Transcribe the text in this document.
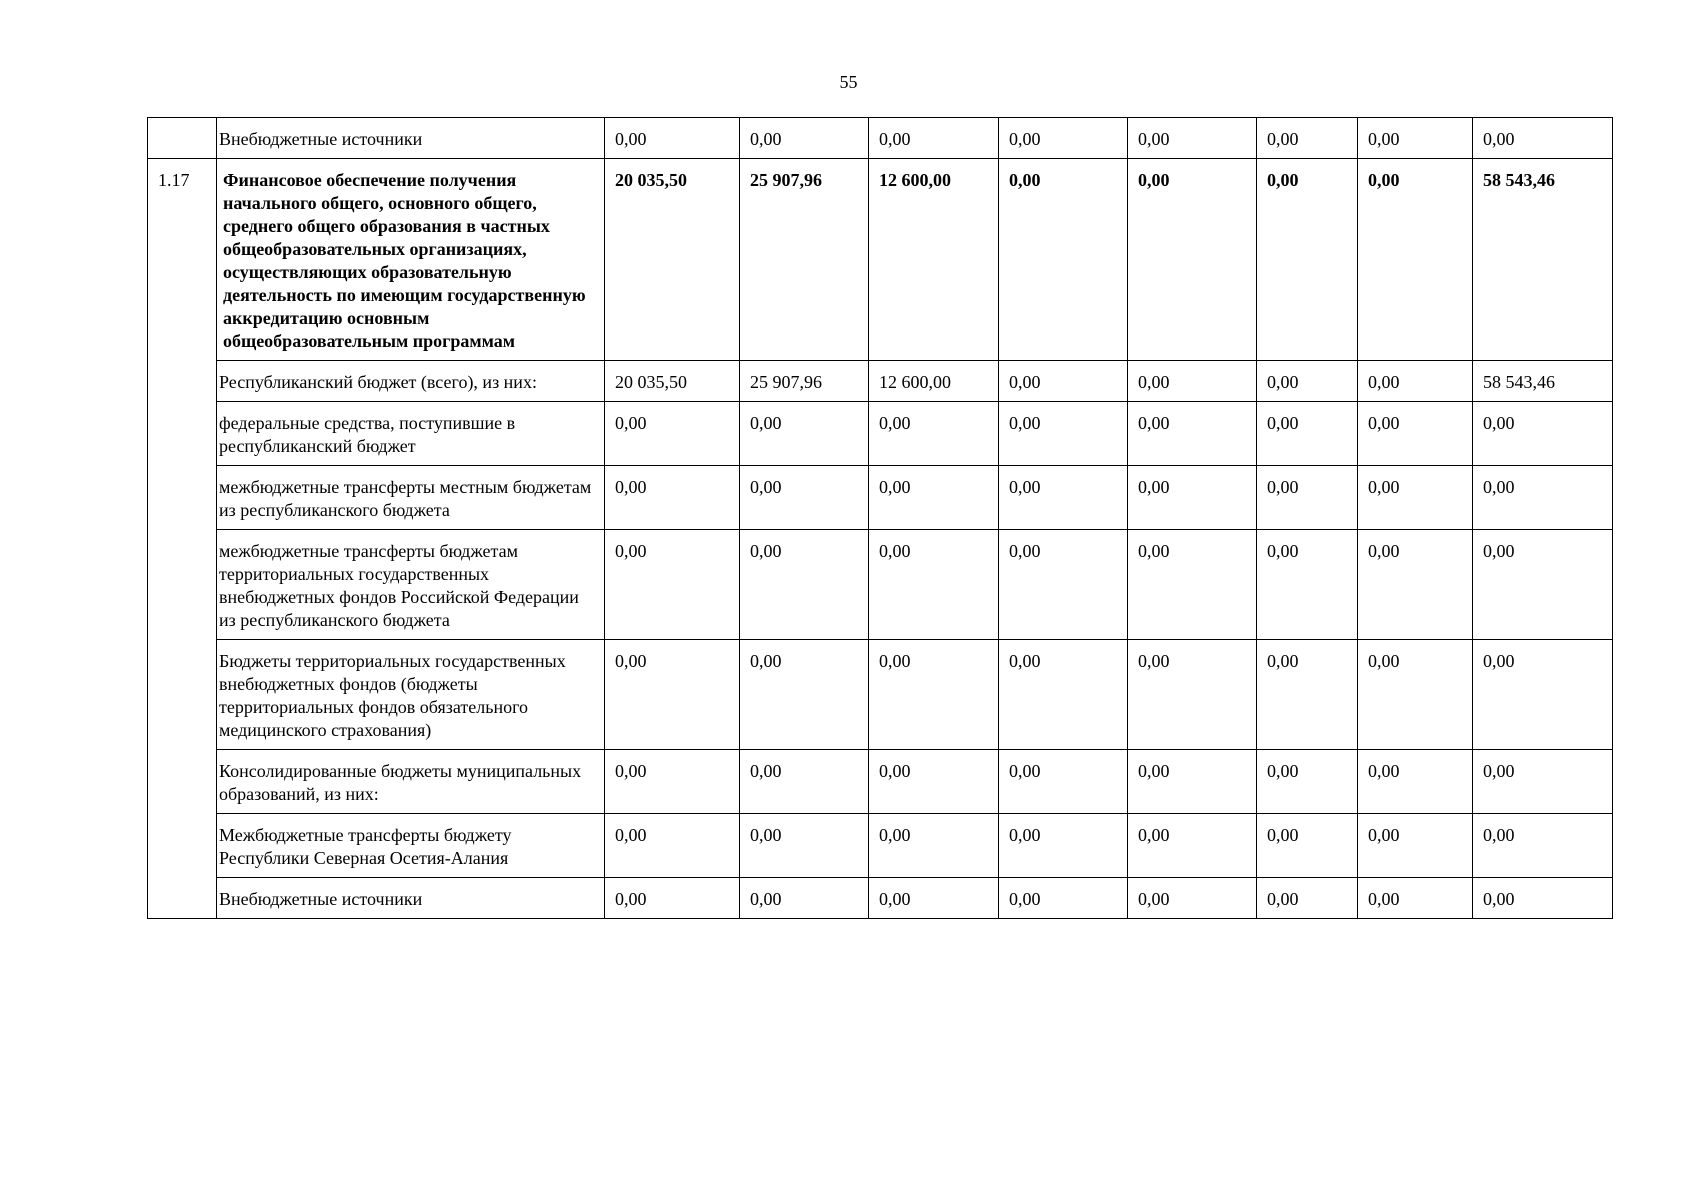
55
	Внебюджетные источники	0,00	0,00	0,00	0,00	0,00	0,00	0,00	0,00
1.17	Финансовое обеспечение получения начального общего, основного общего, среднего общего образования в частных общеобразовательных организациях, осуществляющих образовательную деятельность по имеющим государственную аккредитацию основным общеобразовательным программам	20 035,50	25 907,96	12 600,00	0,00	0,00	0,00	0,00	58 543,46
	Республиканский бюджет (всего), из них:	20 035,50	25 907,96	12 600,00	0,00	0,00	0,00	0,00	58 543,46
	федеральные средства, поступившие в республиканский бюджет	0,00	0,00	0,00	0,00	0,00	0,00	0,00	0,00
	межбюджетные трансферты местным бюджетам из республиканского бюджета	0,00	0,00	0,00	0,00	0,00	0,00	0,00	0,00
	межбюджетные трансферты бюджетам территориальных государственных внебюджетных фондов Российской Федерации из республиканского бюджета	0,00	0,00	0,00	0,00	0,00	0,00	0,00	0,00
	Бюджеты территориальных государственных внебюджетных фондов (бюджеты территориальных фондов обязательного медицинского страхования)	0,00	0,00	0,00	0,00	0,00	0,00	0,00	0,00
	Консолидированные бюджеты муниципальных образований, из них:	0,00	0,00	0,00	0,00	0,00	0,00	0,00	0,00
	Межбюджетные трансферты бюджету Республики Северная Осетия-Алания	0,00	0,00	0,00	0,00	0,00	0,00	0,00	0,00
	Внебюджетные источники	0,00	0,00	0,00	0,00	0,00	0,00	0,00	0,00
